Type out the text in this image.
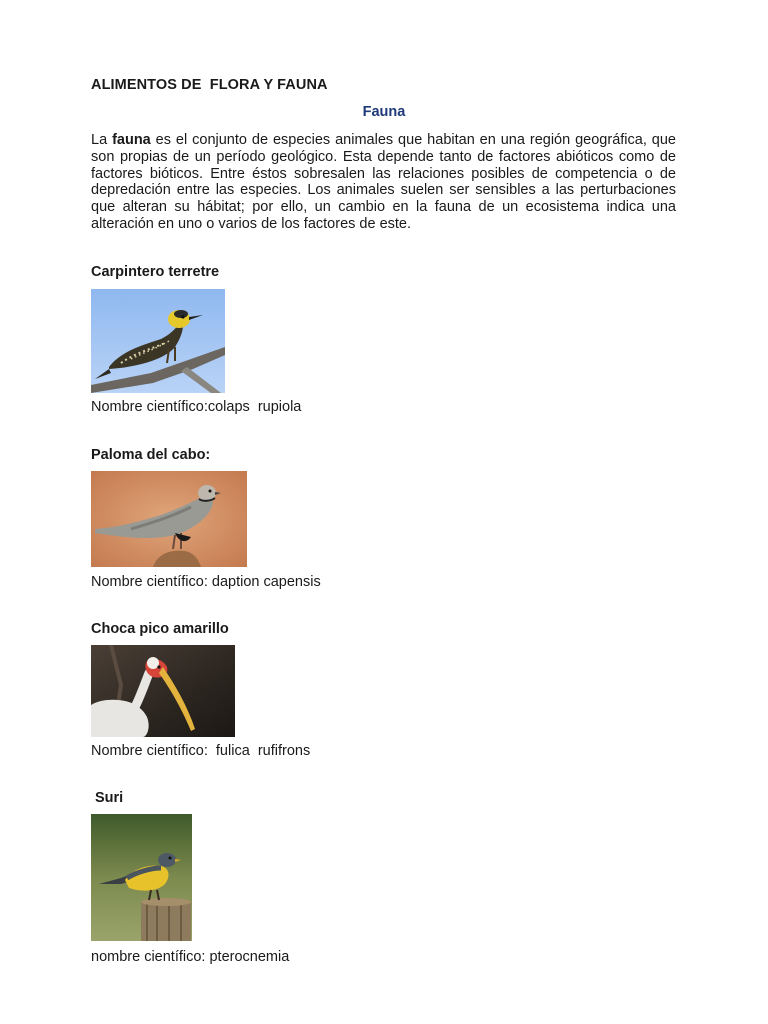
ALIMENTOS DE  FLORA Y FAUNA
Fauna

La fauna es el conjunto de especies animales que habitan en una región geográfica, que son propias de un período geológico. Esta depende tanto de factores abióticos como de factores bióticos. Entre éstos sobresalen las relaciones posibles de competencia o de depredación entre las especies. Los animales suelen ser sensibles a las perturbaciones que alteran su hábitat; por ello, un cambio en la fauna de un ecosistema indica una alteración en uno o varios de los factores de este.

Carpintero terretre
Nombre científico:colaps  rupiola
Paloma del cabo:
Nombre científico: daption capensis
Choca pico amarillo
Nombre científico:  fulica  rufifrons
Suri
nombre científico: pterocnemia
